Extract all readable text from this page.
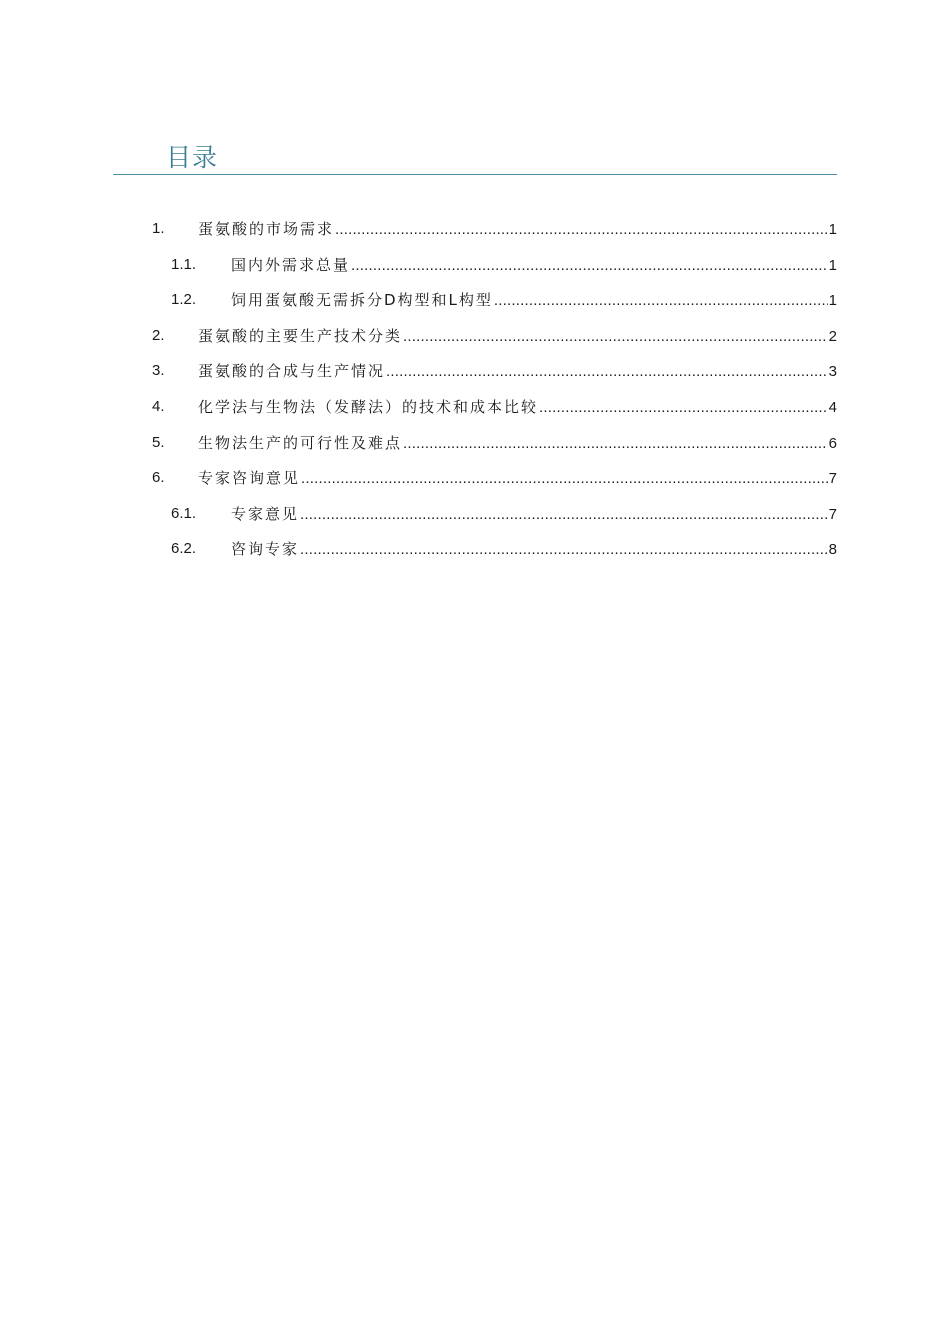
目录
1. 蛋氨酸的市场需求 .....	1
1.1. 国内外需求总量 .....	1
1.2. 饲用蛋氨酸无需拆分D构型和L构型 .....	1
2. 蛋氨酸的主要生产技术分类 .....	2
3. 蛋氨酸的合成与生产情况 .....	3
4. 化学法与生物法（发酵法）的技术和成本比较 .....	4
5. 生物法生产的可行性及难点 .....	6
6. 专家咨询意见 .....	7
6.1. 专家意见 .....	7
6.2. 咨询专家 .....	8
